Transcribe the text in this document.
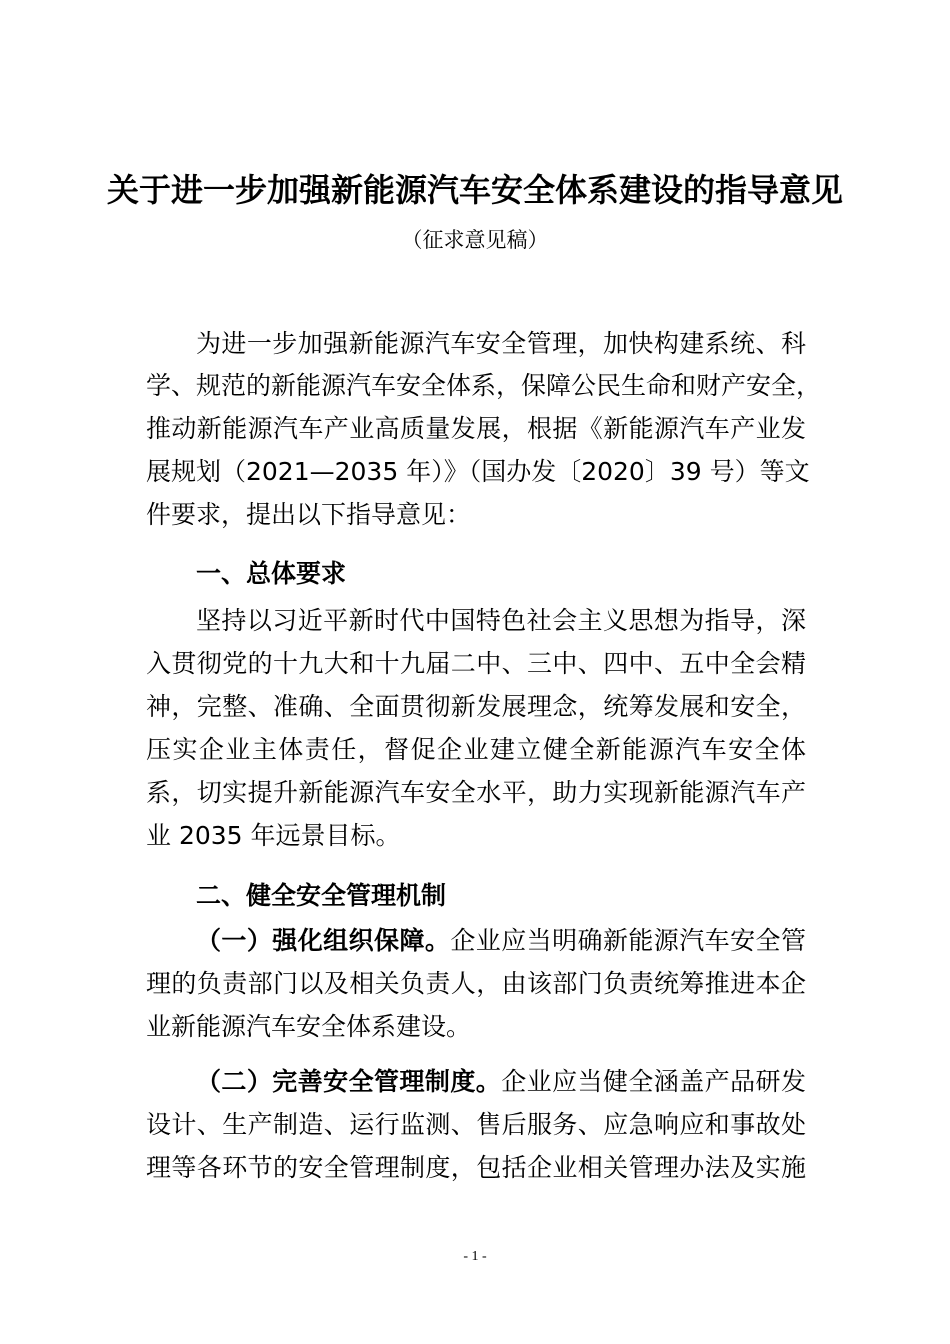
关于进一步加强新能源汽车安全体系建设的指导意见
（征求意见稿）
为进一步加强新能源汽车安全管理，加快构建系统、科
学、规范的新能源汽车安全体系，保障公民生命和财产安全，
推动新能源汽车产业高质量发展，根据《新能源汽车产业发
展规划（2021—2035 年）》（国办发〔2020〕39 号）等文
件要求，提出以下指导意见：
一、总体要求
坚持以习近平新时代中国特色社会主义思想为指导，深
入贯彻党的十九大和十九届二中、三中、四中、五中全会精
神，完整、准确、全面贯彻新发展理念，统筹发展和安全，
压实企业主体责任，督促企业建立健全新能源汽车安全体
系，切实提升新能源汽车安全水平，助力实现新能源汽车产
业 2035 年远景目标。
二、健全安全管理机制
（一）强化组织保障。企业应当明确新能源汽车安全管
理的负责部门以及相关负责人，由该部门负责统筹推进本企
业新能源汽车安全体系建设。
（二）完善安全管理制度。企业应当健全涵盖产品研发
设计、生产制造、运行监测、售后服务、应急响应和事故处
理等各环节的安全管理制度，包括企业相关管理办法及实施
- 1 -
